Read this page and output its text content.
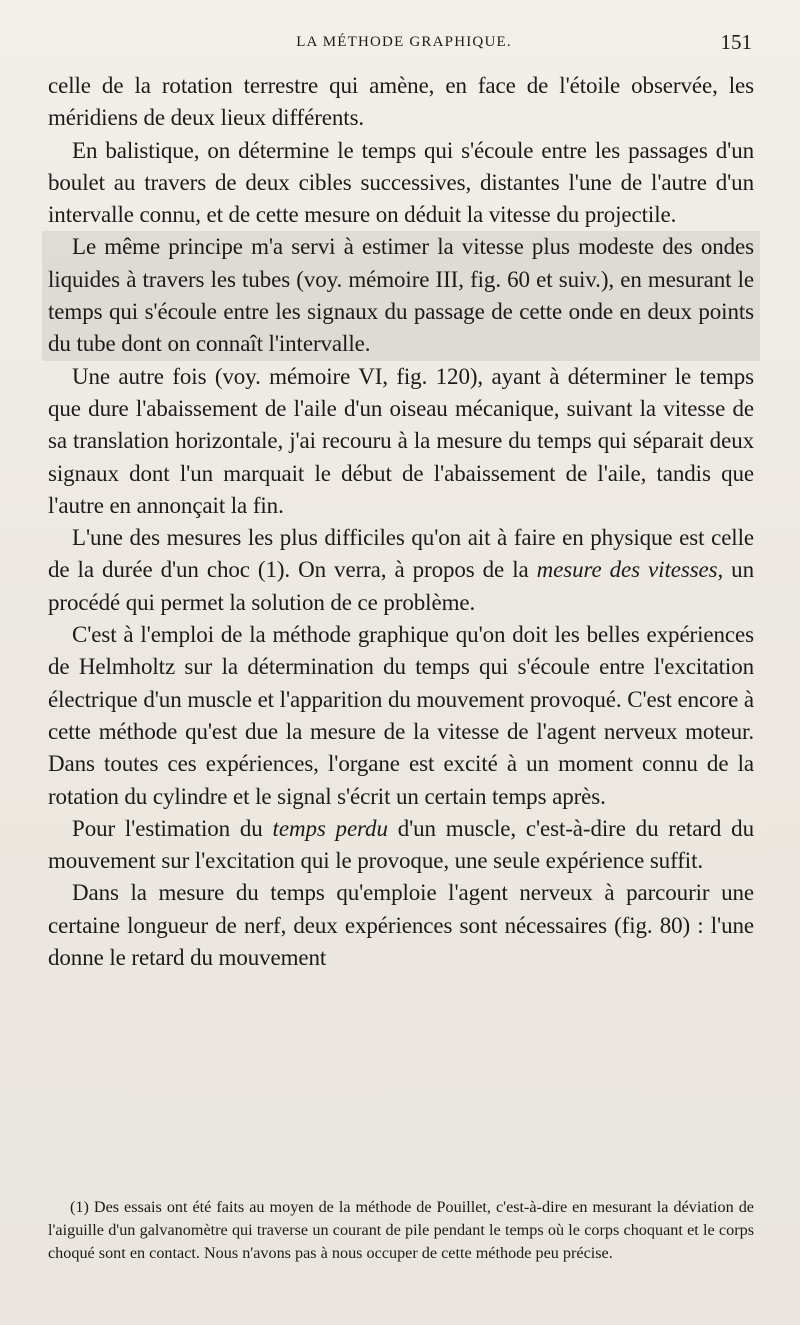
LA MÉTHODE GRAPHIQUE.	151

celle de la rotation terrestre qui amène, en face de l'étoile observée, les méridiens de deux lieux différents.

En balistique, on détermine le temps qui s'écoule entre les passages d'un boulet au travers de deux cibles successives, distantes l'une de l'autre d'un intervalle connu, et de cette mesure on déduit la vitesse du projectile.

Le même principe m'a servi à estimer la vitesse plus modeste des ondes liquides à travers les tubes (voy. mémoire III, fig. 60 et suiv.), en mesurant le temps qui s'écoule entre les signaux du passage de cette onde en deux points du tube dont on connaît l'intervalle.

Une autre fois (voy. mémoire VI, fig. 120), ayant à déterminer le temps que dure l'abaissement de l'aile d'un oiseau mécanique, suivant la vitesse de sa translation horizontale, j'ai recouru à la mesure du temps qui séparait deux signaux dont l'un marquait le début de l'abaissement de l'aile, tandis que l'autre en annonçait la fin.

L'une des mesures les plus difficiles qu'on ait à faire en physique est celle de la durée d'un choc (1). On verra, à propos de la mesure des vitesses, un procédé qui permet la solution de ce problème.

C'est à l'emploi de la méthode graphique qu'on doit les belles expériences de Helmholtz sur la détermination du temps qui s'écoule entre l'excitation électrique d'un muscle et l'apparition du mouvement provoqué. C'est encore à cette méthode qu'est due la mesure de la vitesse de l'agent nerveux moteur. Dans toutes ces expériences, l'organe est excité à un moment connu de la rotation du cylindre et le signal s'écrit un certain temps après.

Pour l'estimation du temps perdu d'un muscle, c'est-à-dire du retard du mouvement sur l'excitation qui le provoque, une seule expérience suffit.

Dans la mesure du temps qu'emploie l'agent nerveux à parcourir une certaine longueur de nerf, deux expériences sont nécessaires (fig. 80) : l'une donne le retard du mouvement

(1) Des essais ont été faits au moyen de la méthode de Pouillet, c'est-à-dire en mesurant la déviation de l'aiguille d'un galvanomètre qui traverse un courant de pile pendant le temps où le corps choquant et le corps choqué sont en contact. Nous n'avons pas à nous occuper de cette méthode peu précise.
